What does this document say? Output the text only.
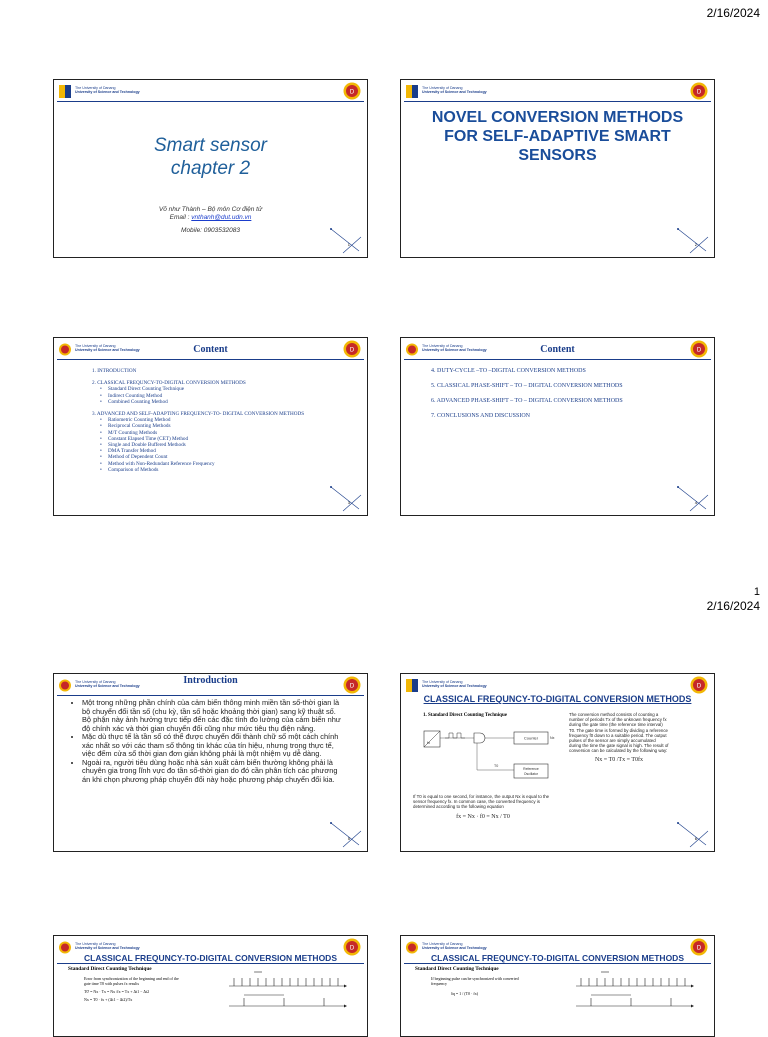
2/16/2024
1
2/16/2024
The University of Danang
University of Science and Technology	D
Smart sensor
chapter 2
Võ như Thành – Bộ môn Cơ điện tử
Email : vnthanh@dut.udn.vn
Mobile: 0903532083
1
The University of Danang
University of Science and Technology	D
NOVEL CONVERSION METHODS FOR SELF-ADAPTIVE SMART SENSORS
2
The University of Danang
University of Science and Technology	D
Content
1. INTRODUCTION
2. CLASSICAL FREQUNCY-TO-DIGITAL CONVERSION METHODS
• Standard Direct Counting Technique
• Indirect Counting Method
• Combined Counting Method
3. ADVANCED AND SELF-ADAPTING FREQUENCY-TO- DIGITAL CONVERSION METHODS
• Ratiometric Counting Method
• Reciprocal Counting Methods
• M/T Counting Methods
• Constant Elapsed Time (CET) Method
• Single and Double Buffered Methods
• DMA Transfer Method
• Method of Dependent Count
• Method with Non-Redundant Reference Frequency
• Comparison of Methods
3
The University of Danang
University of Science and Technology	D
Content
4. DUTY-CYCLE –TO –DIGITAL CONVERSION METHODS
5. CLASSICAL PHASE-SHIFT – TO – DIGITAL CONVERSION METHODS
6. ADVANCED PHASE-SHIFT – TO – DIGITAL CONVERSION METHODS
7. CONCLUSIONS AND DISCUSSION
4
The University of Danang
University of Science and Technology	D
Introduction
• Một trong những phần chính của cảm biến thông minh miền tần số-thời gian là bộ chuyển đổi tần số (chu kỳ, tần số hoặc khoảng thời gian) sang kỹ thuật số. Bộ phận này ảnh hưởng trực tiếp đến các đặc tính đo lường của cảm biến như độ chính xác và thời gian chuyển đổi cũng như mức tiêu thụ điện năng.
• Mặc dù thực tế là tần số có thể được chuyển đổi thành chữ số một cách chính xác nhất so với các tham số thông tin khác của tín hiệu, nhưng trong thực tế, việc đếm cửa sổ thời gian đơn giản không phải là một nhiệm vụ dễ dàng.
• Ngoài ra, người tiêu dùng hoặc nhà sản xuất cảm biến thường không phải là chuyên gia trong lĩnh vực đo tần số-thời gian do đó cần phân tích các phương án khi chọn phương pháp chuyển đổi này hoặc phương pháp chuyển đổi kia.
5
The University of Danang
University of Science and Technology	D
CLASSICAL FREQUNCY-TO-DIGITAL CONVERSION METHODS
1. Standard Direct Counting Technique
fx
Counter	Nx
T0
Reference
Oscillator
The conversion method consists of counting a number of periods Tx of the unknown frequency fx during the gate time (the reference time interval) T0. The gate time is formed by dividing a reference frequency f0 down to a suitable period. The output pulses of the sensor are simply accumulated during the time the gate signal is high. The result of conversion can be calculated by the following way:
Nx = T0 /Tx = T0fx
If T0 is equal to one second, for instance, the output Nx is equal to the sensor frequency fx. In common case, the converted frequency is determined according to the following equation
fx = Nx · f0 = Nx / T0
6
The University of Danang
University of Science and Technology	D
CLASSICAL FREQUNCY-TO-DIGITAL CONVERSION METHODS
Standard Direct Counting Technique
Error from synchronization of the beginning and end of the gate time T0 with pulses fx results
T0' = Nx · Tx = Nx /fx = Tx + Δt1 − Δt2
Nx = T0 · fx + (Δt1 − Δt2)/Tx
The University of Danang
University of Science and Technology	D
CLASSICAL FREQUNCY-TO-DIGITAL CONVERSION METHODS
Standard Direct Counting Technique
If beginning pulse can be synchronized with converted frequency
δq = 1 / (T0 · fx)
